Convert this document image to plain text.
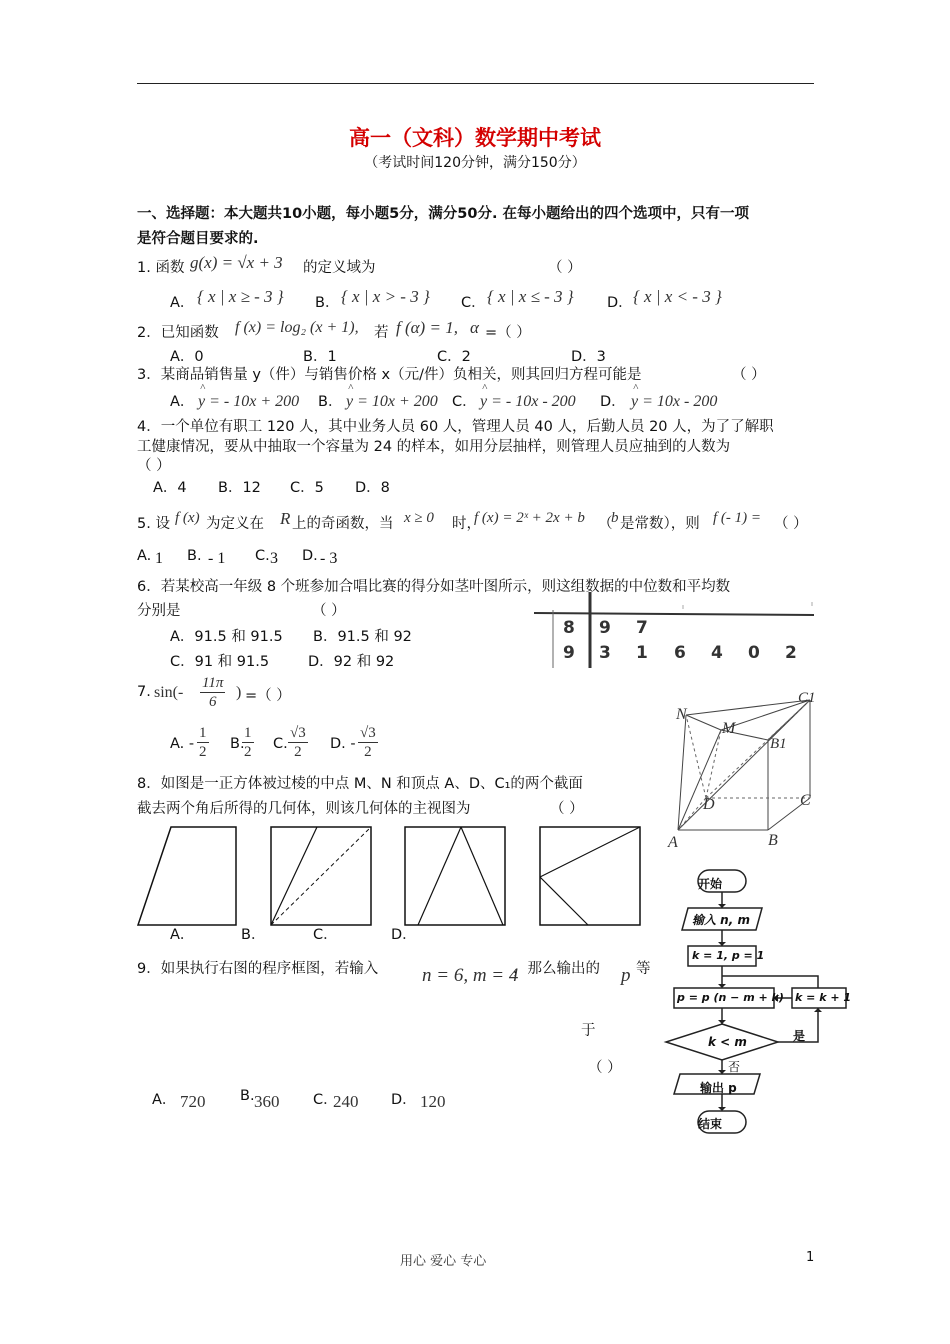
高一（文科）数学期中考试
（考试时间120分钟，满分150分）
一、选择题：本大题共10小题，每小题5分，满分50分. 在每小题给出的四个选项中，只有一项
是符合题目要求的.
1. 函数 g(x) = √x + 3 的定义域为	（ ）
A． { x | x ≥ - 3 } B． { x | x > - 3 } C． { x | x ≤ - 3 } D． { x | x < - 3 }
2．已知函数 f (x) = log₂ (x + 1), 若 f (α) = 1, α =（ ）
A．0	B．1	C．2	D．3
3．某商品销售量 y（件）与销售价格 x（元/件）负相关，则其回归方程可能是	（ ）
A．
^
y = - 10x + 200 B．
^
y = 10x + 200 C．
^
y = - 10x - 200 D．
^
y = 10x - 200
4．一个单位有职工 120 人，其中业务人员 60 人，管理人员 40 人，后勤人员 20 人，为了了解职
工健康情况，要从中抽取一个容量为 24 的样本，如用分层抽样，则管理人员应抽到的人数为
（ ）
A．4 B．12 C．5 D．8
5. 设 f (x) 为定义在 R 上的奇函数，当 x ≥ 0 时，
f (x) = 2ˣ + 2x + b （
b 是常数），则 f (- 1) = （ ）
A. 1 B. - 1 C. 3 D. - 3
6．若某校高一年级 8 个班参加合唱比赛的得分如茎叶图所示，则这组数据的中位数和平均数
分别是	（ ）
A．91.5 和 91.5 B．91.5 和 92
C．91 和 91.5	D．92 和 92
8 9 7
9 3 1 6 4 0 2
7. $\sin(- \frac{11\pi}{6}$ ) =（ ）
A. - $\frac{1}{2} B$.
$\frac{1}{2} C$. $\frac{√3}{2} D$. - $\frac{√3}{2}$
N
M
C1
B1
D	C
A	B
8．如图是一正方体被过棱的中点 M、N 和顶点 A、D、C₁的两个截面
截去两个角后所得的几何体，则该几何体的主视图为	（ ）
A．	B．	C．	D．
9．如果执行右图的程序框图，若输入 n = 6, m = 4
，那么输出的 p 等
于
（ ）
A． 720 B. 360 C．
240 D． 120
开始
输入 n, m
k = 1, p = 1
p = p (n − m + k) k = k + 1
k < m	是
否
输出 p
结束
用心 爱心 专心	1
